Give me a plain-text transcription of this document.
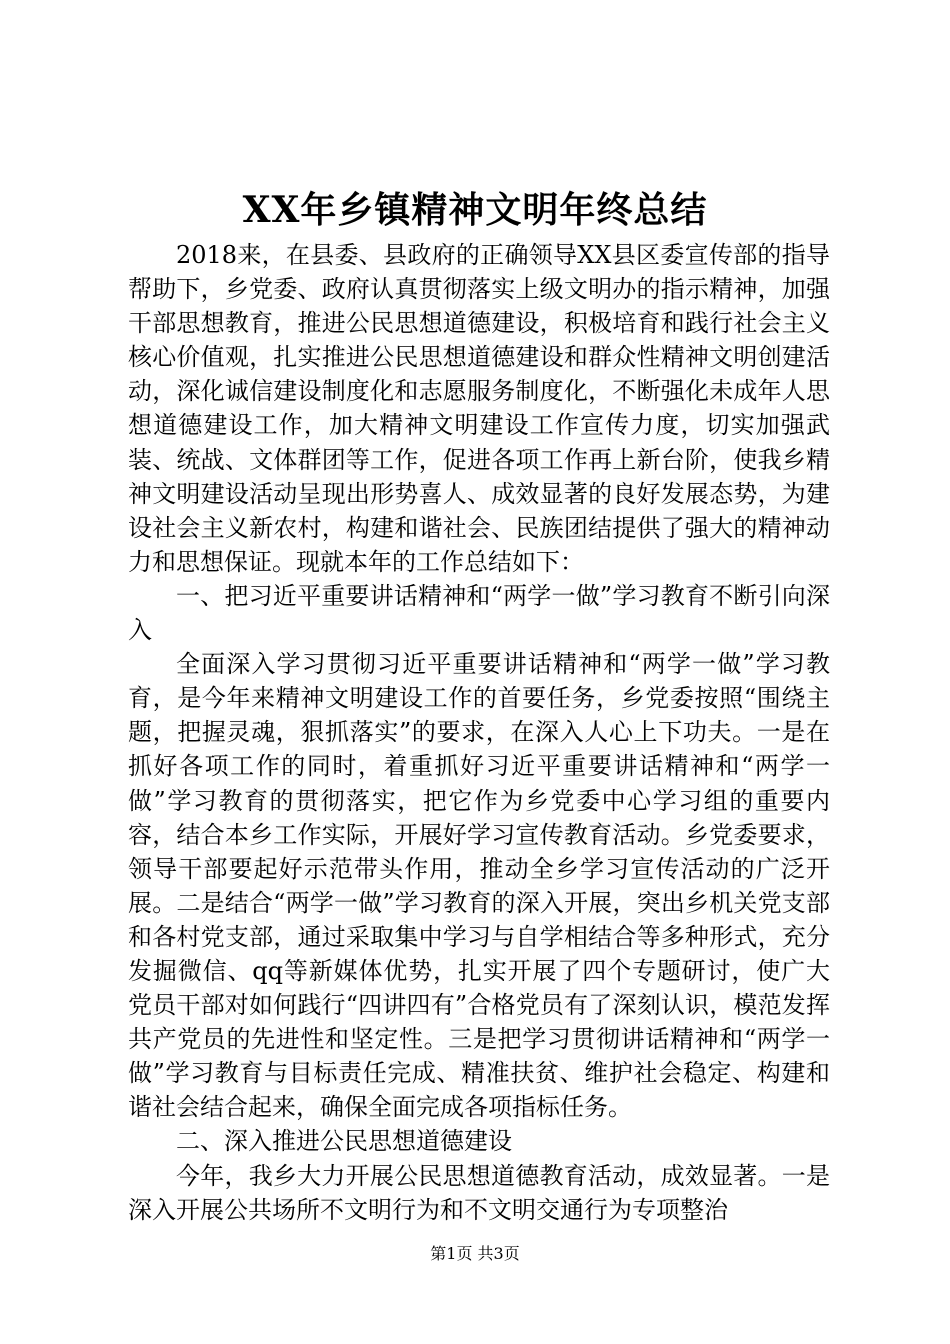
XX年乡镇精神文明年终总结

2018来，在县委、县政府的正确领导XX县区委宣传部的指导帮助下，乡党委、政府认真贯彻落实上级文明办的指示精神，加强干部思想教育，推进公民思想道德建设，积极培育和践行社会主义核心价值观，扎实推进公民思想道德建设和群众性精神文明创建活动，深化诚信建设制度化和志愿服务制度化，不断强化未成年人思想道德建设工作，加大精神文明建设工作宣传力度，切实加强武装、统战、文体群团等工作，促进各项工作再上新台阶，使我乡精神文明建设活动呈现出形势喜人、成效显著的良好发展态势，为建设社会主义新农村，构建和谐社会、民族团结提供了强大的精神动力和思想保证。现就本年的工作总结如下：

一、把习近平重要讲话精神和“两学一做”学习教育不断引向深入

全面深入学习贯彻习近平重要讲话精神和“两学一做”学习教育，是今年来精神文明建设工作的首要任务，乡党委按照“围绕主题，把握灵魂，狠抓落实”的要求，在深入人心上下功夫。一是在抓好各项工作的同时，着重抓好习近平重要讲话精神和“两学一做”学习教育的贯彻落实，把它作为乡党委中心学习组的重要内容，结合本乡工作实际，开展好学习宣传教育活动。乡党委要求，领导干部要起好示范带头作用，推动全乡学习宣传活动的广泛开展。二是结合“两学一做”学习教育的深入开展，突出乡机关党支部和各村党支部，通过采取集中学习与自学相结合等多种形式，充分发掘微信、qq等新媒体优势，扎实开展了四个专题研讨，使广大党员干部对如何践行“四讲四有”合格党员有了深刻认识，模范发挥共产党员的先进性和坚定性。三是把学习贯彻讲话精神和“两学一做”学习教育与目标责任完成、精准扶贫、维护社会稳定、构建和谐社会结合起来，确保全面完成各项指标任务。

二、深入推进公民思想道德建设

今年，我乡大力开展公民思想道德教育活动，成效显著。一是深入开展公共场所不文明行为和不文明交通行为专项整治

第1页 共3页
